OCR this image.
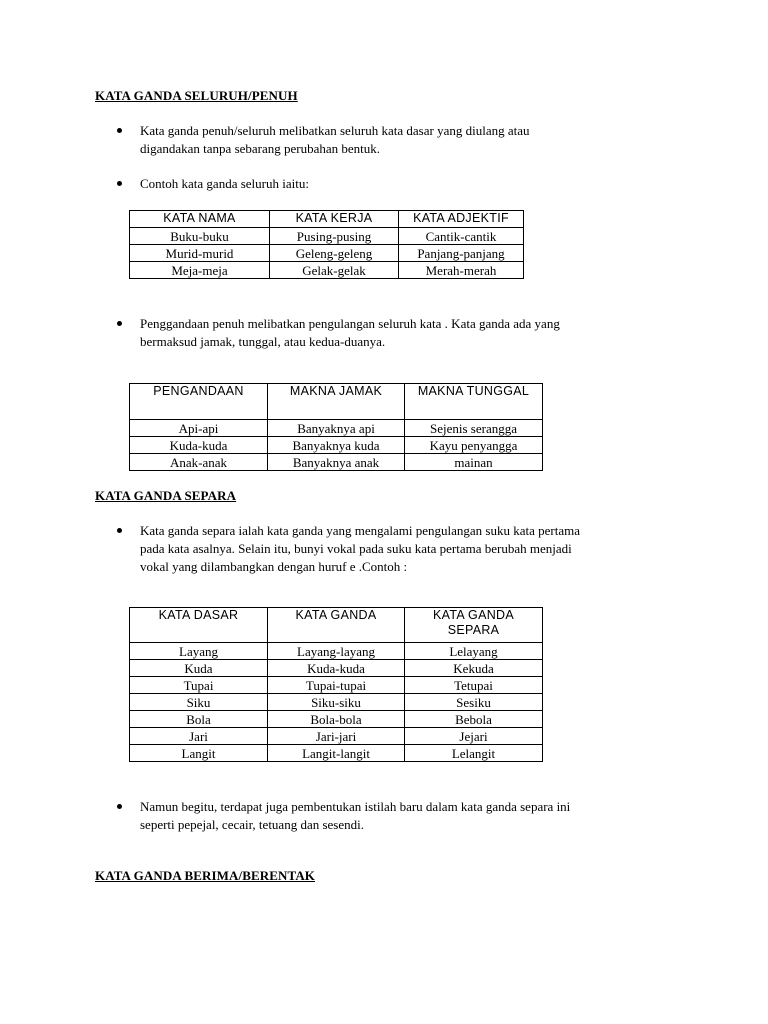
KATA GANDA SELURUH/PENUH
Kata ganda penuh/seluruh melibatkan seluruh kata dasar yang diulang atau
digandakan tanpa sebarang perubahan bentuk.
Contoh kata ganda seluruh iaitu:
KATA NAMA	KATA KERJA	KATA ADJEKTIF
Buku-buku	Pusing-pusing	Cantik-cantik
Murid-murid	Geleng-geleng	Panjang-panjang
Meja-meja	Gelak-gelak	Merah-merah
Penggandaan penuh melibatkan pengulangan seluruh kata . Kata ganda ada yang
bermaksud jamak, tunggal, atau kedua-duanya.
PENGANDAAN	MAKNA JAMAK	MAKNA TUNGGAL
Api-api	Banyaknya api	Sejenis serangga
Kuda-kuda	Banyaknya kuda	Kayu penyangga
Anak-anak	Banyaknya anak	mainan
KATA GANDA SEPARA
Kata ganda separa ialah kata ganda yang mengalami pengulangan suku kata pertama
pada kata asalnya. Selain itu, bunyi vokal pada suku kata pertama berubah menjadi
vokal yang dilambangkan dengan huruf e .Contoh :
KATA DASAR	KATA GANDA	KATA GANDA SEPARA
Layang	Layang-layang	Lelayang
Kuda	Kuda-kuda	Kekuda
Tupai	Tupai-tupai	Tetupai
Siku	Siku-siku	Sesiku
Bola	Bola-bola	Bebola
Jari	Jari-jari	Jejari
Langit	Langit-langit	Lelangit
Namun begitu, terdapat juga pembentukan istilah baru dalam kata ganda separa ini
seperti pepejal, cecair, tetuang dan sesendi.
KATA GANDA BERIMA/BERENTAK
